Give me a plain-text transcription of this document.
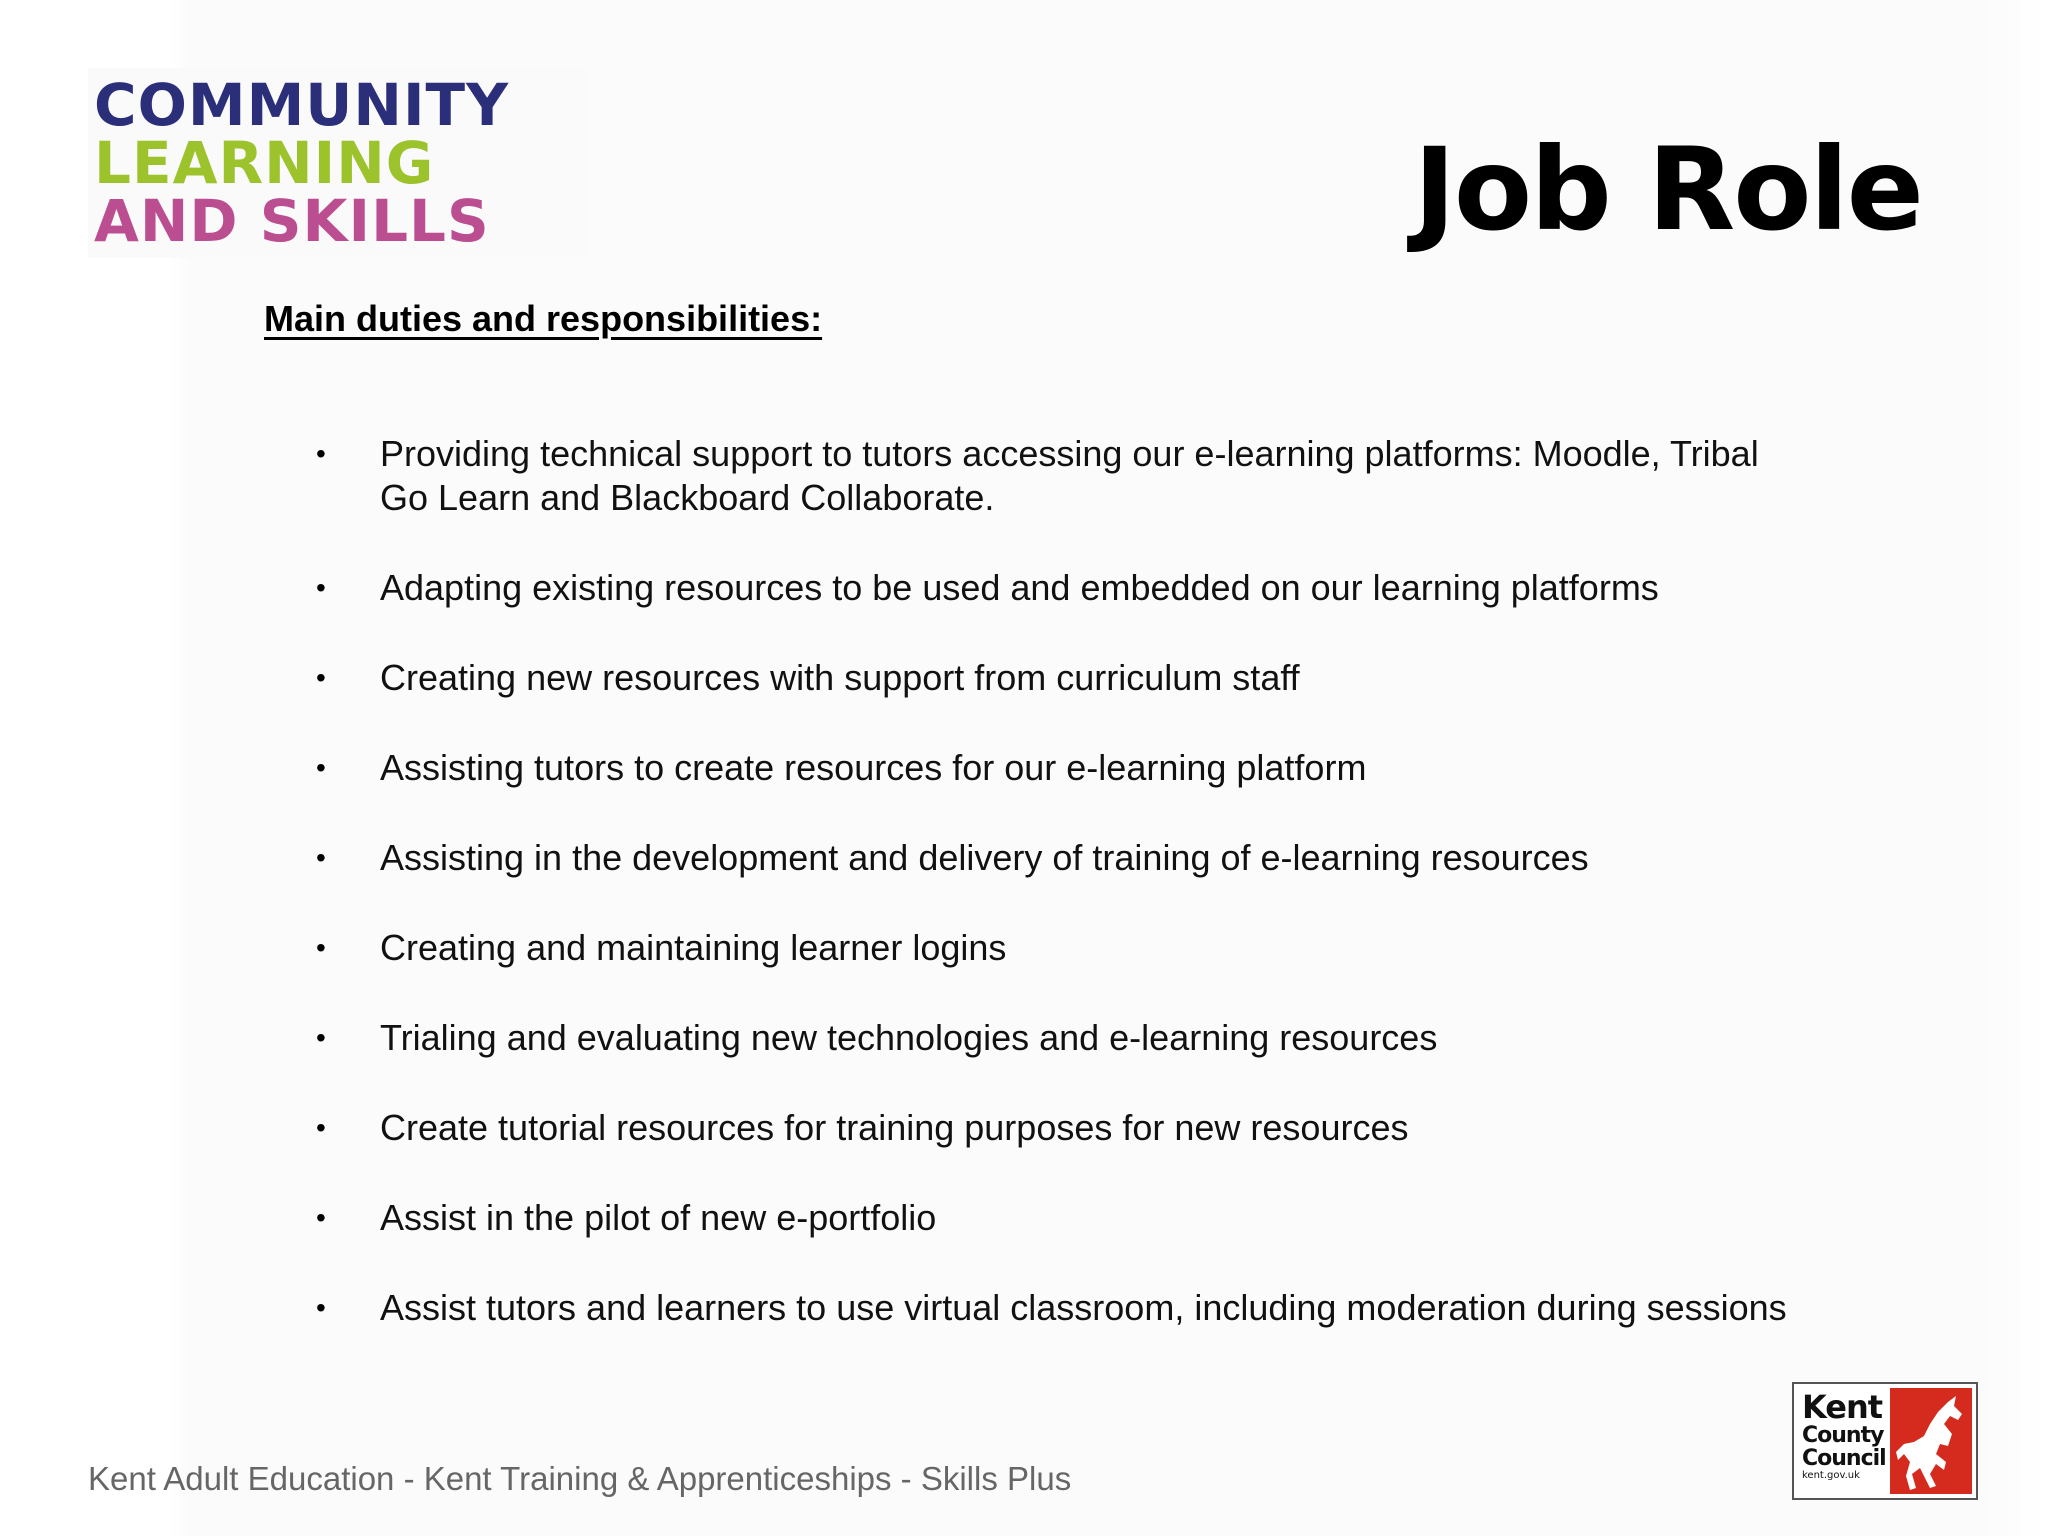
COMMUNITY
LEARNING
AND SKILLS	Job Role
Main duties and responsibilities:
•	Providing technical support to tutors accessing our e-learning platforms: Moodle, Tribal Go Learn and Blackboard Collaborate.
•	Adapting existing resources to be used and embedded on our learning platforms
•	Creating new resources with support from curriculum staff
•	Assisting tutors to create resources for our e-learning platform
•	Assisting in the development and delivery of training of e-learning resources
•	Creating and maintaining learner logins
•	Trialing and evaluating new technologies and e-learning resources
•	Create tutorial resources for training purposes for new resources
•	Assist in the pilot of new e-portfolio
•	Assist tutors and learners to use virtual classroom, including moderation during sessions
Kent Adult Education - Kent Training & Apprenticeships - Skills Plus
Kent
County
Council
kent.gov.uk
